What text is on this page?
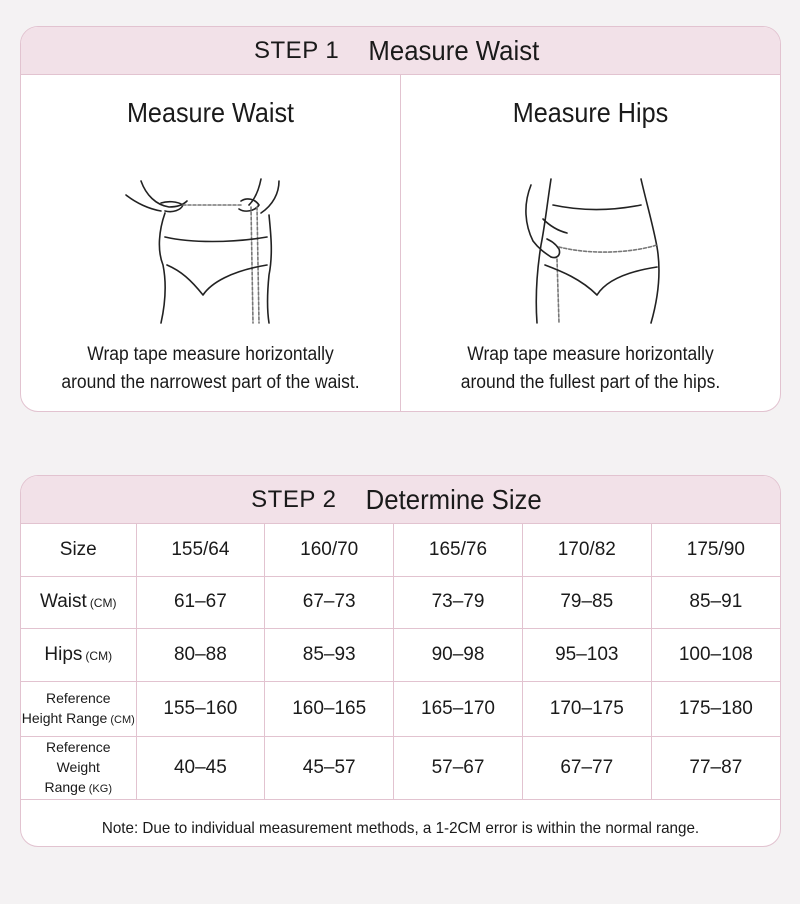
STEP 1 Measure Waist
Measure Waist
Wrap tape measure horizontally
around the narrowest part of the waist.
Measure Hips
Wrap tape measure horizontally
around the fullest part of the hips.
STEP 2 Determine Size
Size	155/64	160/70	165/76	170/82	175/90
Waist (CM)	61–67	67–73	73–79	79–85	85–91
Hips (CM)	80–88	85–93	90–98	95–103	100–108

Reference
Height Range (CM)	155–160	160–165	165–170	170–175	175–180

Reference
Weight Range (KG)	40–45	45–57	57–67	67–77	77–87
Note: Due to individual measurement methods, a 1-2CM error is within the normal range.
